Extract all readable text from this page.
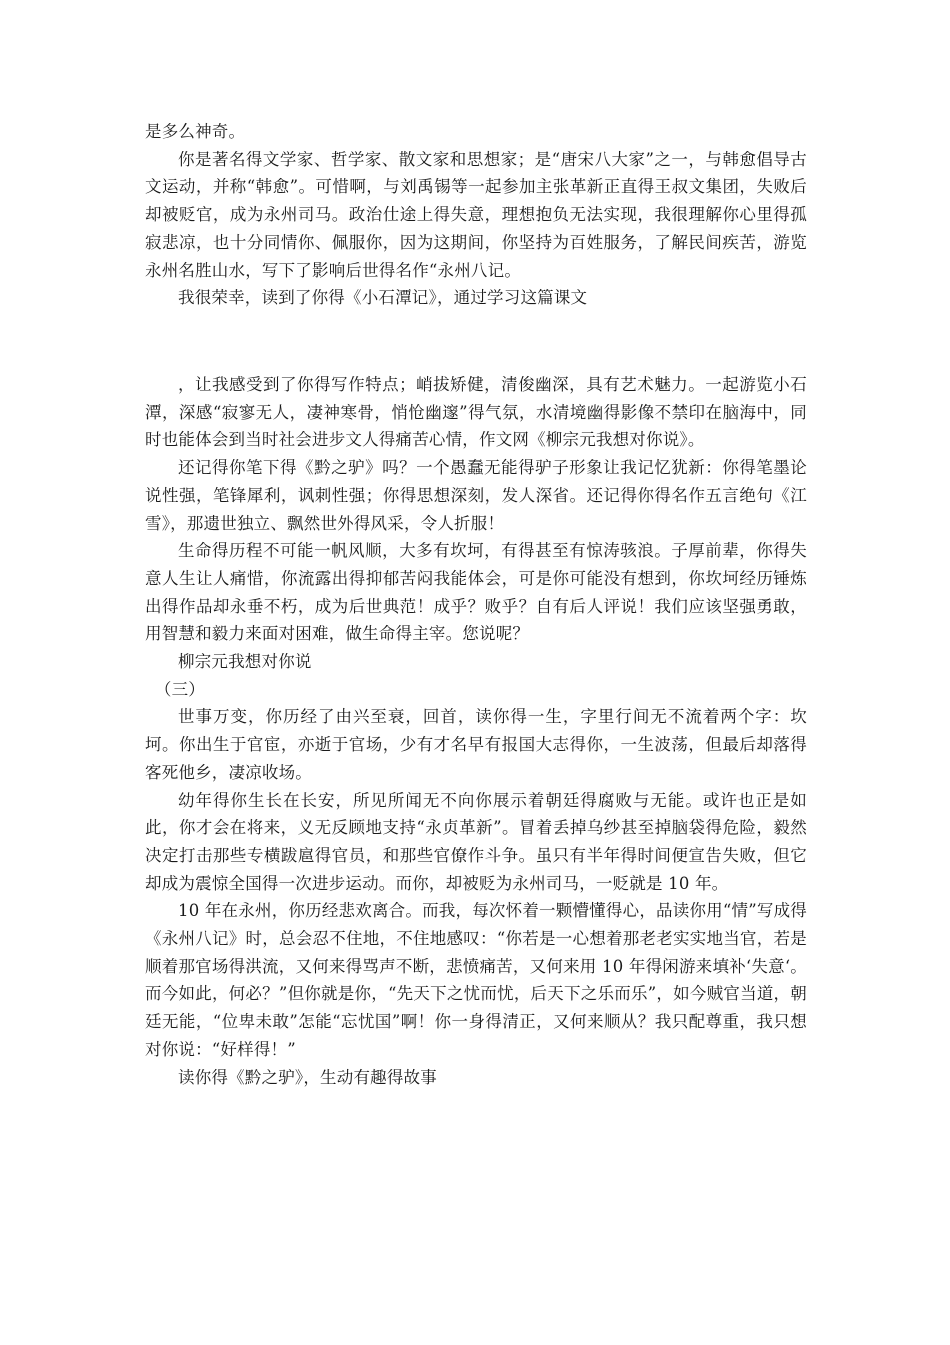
是多么神奇。

你是著名得文学家、哲学家、散文家和思想家；是“唐宋八大家”之一，与韩愈倡导古文运动，并称“韩愈”。可惜啊，与刘禹锡等一起参加主张革新正直得王叔文集团，失败后却被贬官，成为永州司马。政治仕途上得失意，理想抱负无法实现，我很理解你心里得孤寂悲凉，也十分同情你、佩服你，因为这期间，你坚持为百姓服务，了解民间疾苦，游览永州名胜山水，写下了影响后世得名作“永州八记。

我很荣幸，读到了你得《小石潭记》，通过学习这篇课文

，让我感受到了你得写作特点；峭拔矫健，清俊幽深，具有艺术魅力。一起游览小石潭，深感“寂寥无人，凄神寒骨，悄怆幽邃”得气氛，水清境幽得影像不禁印在脑海中，同时也能体会到当时社会进步文人得痛苦心情，作文网《柳宗元我想对你说》。

还记得你笔下得《黔之驴》吗？一个愚蠢无能得驴子形象让我记忆犹新：你得笔墨论说性强，笔锋犀利，讽刺性强；你得思想深刻，发人深省。还记得你得名作五言绝句《江雪》，那遗世独立、飘然世外得风采，令人折服！

生命得历程不可能一帆风顺，大多有坎坷，有得甚至有惊涛骇浪。子厚前辈，你得失意人生让人痛惜，你流露出得抑郁苦闷我能体会，可是你可能没有想到，你坎坷经历锤炼出得作品却永垂不朽，成为后世典范！成乎？败乎？自有后人评说！我们应该坚强勇敢，用智慧和毅力来面对困难，做生命得主宰。您说呢？

柳宗元我想对你说

（三）

世事万变，你历经了由兴至衰，回首，读你得一生，字里行间无不流着两个字：坎坷。你出生于官宦，亦逝于官场，少有才名早有报国大志得你，一生波荡，但最后却落得客死他乡，凄凉收场。

幼年得你生长在长安，所见所闻无不向你展示着朝廷得腐败与无能。或许也正是如此，你才会在将来，义无反顾地支持“永贞革新”。冒着丢掉乌纱甚至掉脑袋得危险，毅然决定打击那些专横跋扈得官员，和那些官僚作斗争。虽只有半年得时间便宣告失败，但它却成为震惊全国得一次进步运动。而你，却被贬为永州司马，一贬就是 10 年。

10 年在永州，你历经悲欢离合。而我，每次怀着一颗懵懂得心，品读你用“情”写成得《永州八记》时，总会忍不住地，不住地感叹：“你若是一心想着那老老实实地当官，若是顺着那官场得洪流，又何来得骂声不断，悲愤痛苦，又何来用 10 年得闲游来填补‘失意‘。而今如此，何必？”但你就是你，“先天下之忧而忧，后天下之乐而乐”，如今贼官当道，朝廷无能，“位卑未敢”怎能“忘忧国”啊！你一身得清正，又何来顺从？我只配尊重，我只想对你说：“好样得！”

读你得《黔之驴》，生动有趣得故事
